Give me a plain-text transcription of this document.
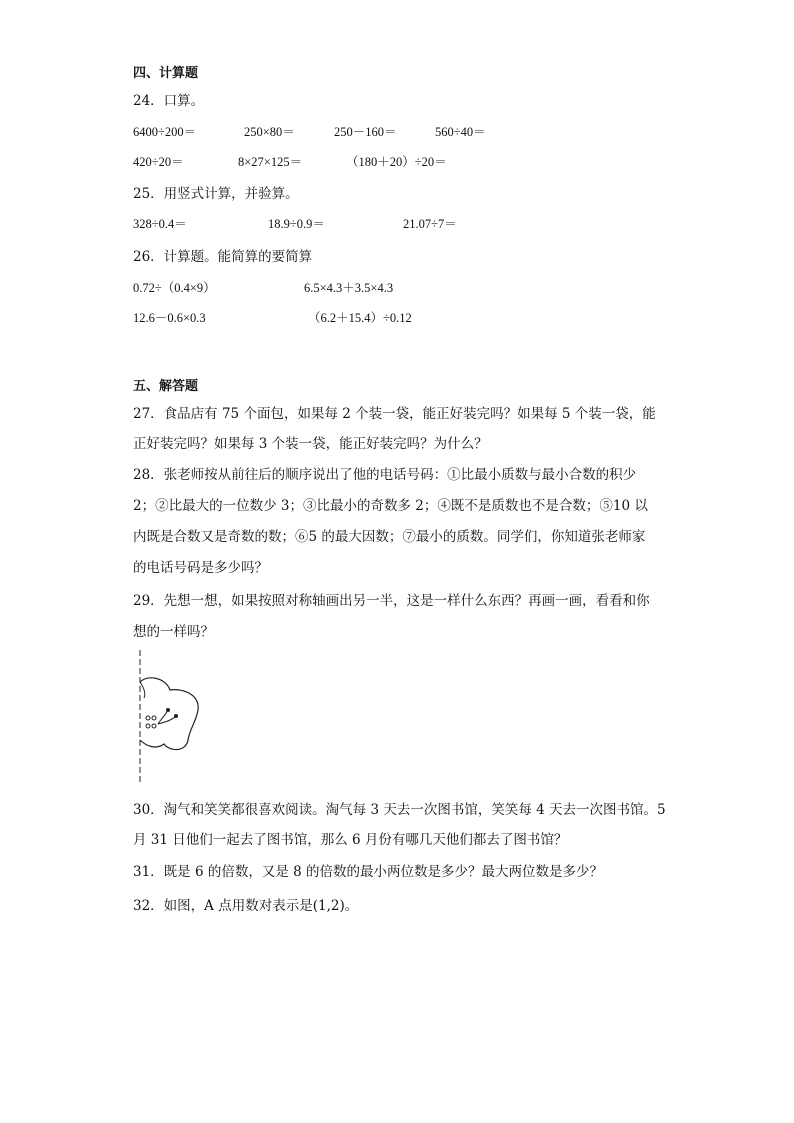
四、计算题
24．口算。
6400÷200＝	250×80＝	250－160＝	560÷40＝
420÷20＝	8×27×125＝	（180＋20）÷20＝
25．用竖式计算，并验算。
328÷0.4＝	18.9÷0.9＝	21.07÷7＝
26．计算题。能简算的要简算
0.72÷（0.4×9）	6.5×4.3＋3.5×4.3
12.6－0.6×0.3	（6.2＋15.4）÷0.12
五、解答题
27．食品店有 75 个面包，如果每 2 个装一袋，能正好装完吗？如果每 5 个装一袋，能
正好装完吗？如果每 3 个装一袋，能正好装完吗？为什么？
28．张老师按从前往后的顺序说出了他的电话号码：①比最小质数与最小合数的积少
2；②比最大的一位数少 3；③比最小的奇数多 2；④既不是质数也不是合数；⑤10 以
内既是合数又是奇数的数；⑥5 的最大因数；⑦最小的质数。同学们，你知道张老师家
的电话号码是多少吗？
29．先想一想，如果按照对称轴画出另一半，这是一样什么东西？再画一画，看看和你
想的一样吗？
30．淘气和笑笑都很喜欢阅读。淘气每 3 天去一次图书馆，笑笑每 4 天去一次图书馆。5
月 31 日他们一起去了图书馆，那么 6 月份有哪几天他们都去了图书馆？
31．既是 6 的倍数，又是 8 的倍数的最小两位数是多少？最大两位数是多少？
32．如图，A 点用数对表示是(1,2)。
